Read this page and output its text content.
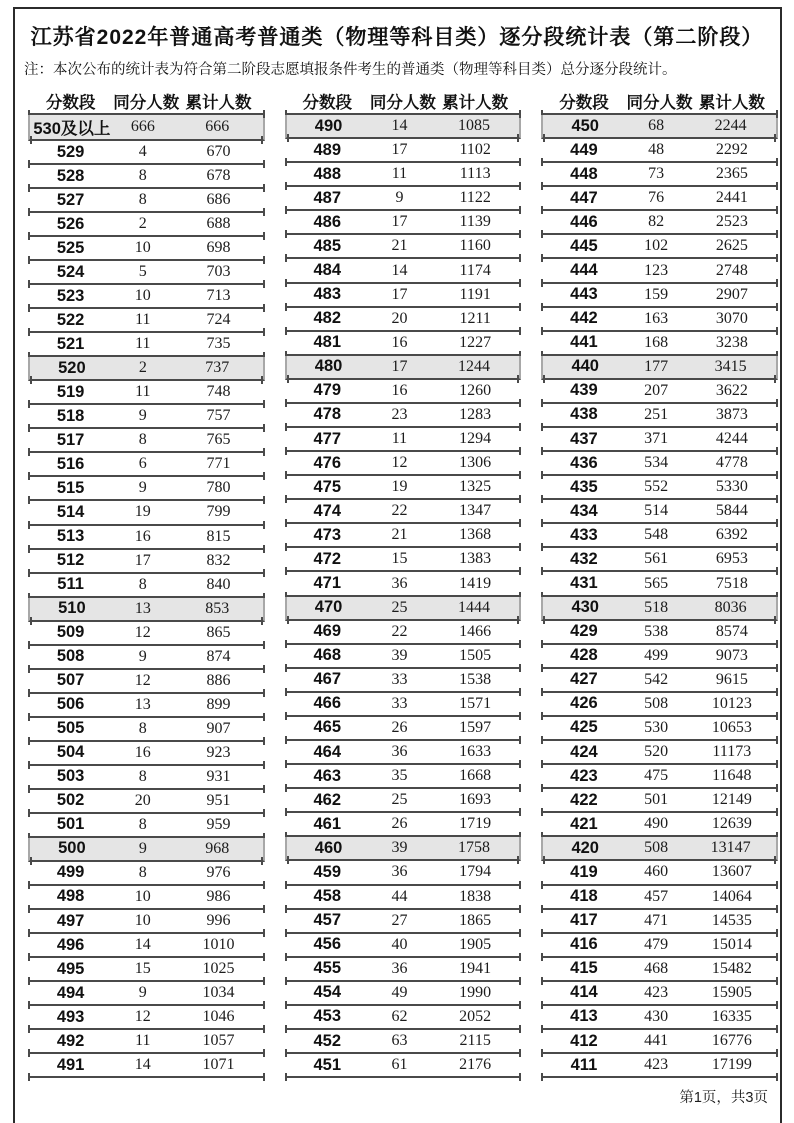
江苏省2022年普通高考普通类（物理等科目类）逐分段统计表（第二阶段）
注：本次公布的统计表为符合第二阶段志愿填报条件考生的普通类（物理等科目类）总分逐分段统计。
分数段	同分人数 累计人数
530及以上	666	666
529	4	670
528	8	678
527	8	686
526	2	688
525	10	698
524	5	703
523	10	713
522	11	724
521	11	735
520	2	737
519	11	748
518	9	757
517	8	765
516	6	771
515	9	780
514	19	799
513	16	815
512	17	832
511	8	840
510	13	853
509	12	865
508	9	874
507	12	886
506	13	899
505	8	907
504	16	923
503	8	931
502	20	951
501	8	959
500	9	968
499	8	976
498	10	986
497	10	996
496	14	1010
495	15	1025
494	9	1034
493	12	1046
492	11	1057
491	14	1071
分数段	同分人数 累计人数
490	14	1085
489	17	1102
488	11	1113
487	9	1122
486	17	1139
485	21	1160
484	14	1174
483	17	1191
482	20	1211
481	16	1227
480	17	1244
479	16	1260
478	23	1283
477	11	1294
476	12	1306
475	19	1325
474	22	1347
473	21	1368
472	15	1383
471	36	1419
470	25	1444
469	22	1466
468	39	1505
467	33	1538
466	33	1571
465	26	1597
464	36	1633
463	35	1668
462	25	1693
461	26	1719
460	39	1758
459	36	1794
458	44	1838
457	27	1865
456	40	1905
455	36	1941
454	49	1990
453	62	2052
452	63	2115
451	61	2176
分数段	同分人数 累计人数
450	68	2244
449	48	2292
448	73	2365
447	76	2441
446	82	2523
445	102	2625
444	123	2748
443	159	2907
442	163	3070
441	168	3238
440	177	3415
439	207	3622
438	251	3873
437	371	4244
436	534	4778
435	552	5330
434	514	5844
433	548	6392
432	561	6953
431	565	7518
430	518	8036
429	538	8574
428	499	9073
427	542	9615
426	508	10123
425	530	10653
424	520	11173
423	475	11648
422	501	12149
421	490	12639
420	508	13147
419	460	13607
418	457	14064
417	471	14535
416	479	15014
415	468	15482
414	423	15905
413	430	16335
412	441	16776
411	423	17199
第1页，共3页
